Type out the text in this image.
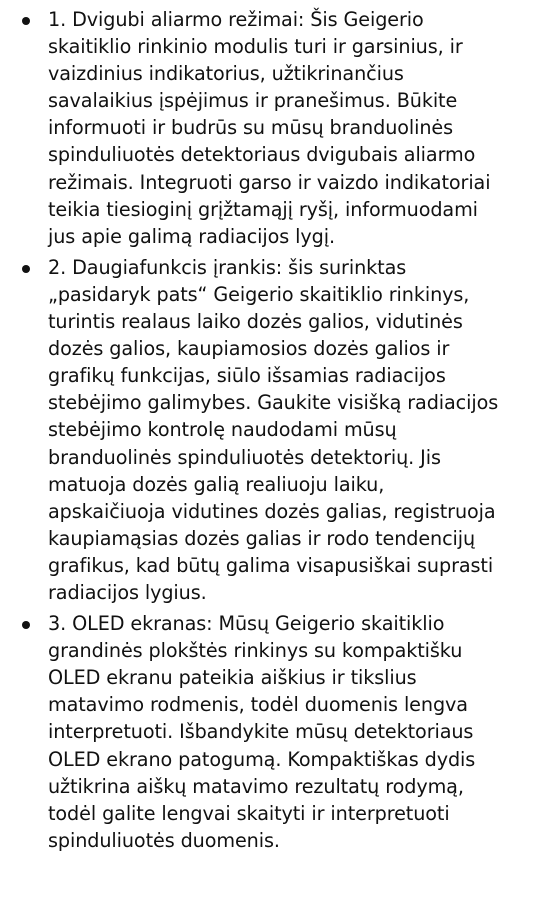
1. Dvigubi aliarmo režimai: Šis Geigerio
skaitiklio rinkinio modulis turi ir garsinius, ir
vaizdinius indikatorius, užtikrinančius
savalaikius įspėjimus ir pranešimus. Būkite
informuoti ir budrūs su mūsų branduolinės
spinduliuotės detektoriaus dvigubais aliarmo
režimais. Integruoti garso ir vaizdo indikatoriai
teikia tiesioginį grįžtamąjį ryšį, informuodami
jus apie galimą radiacijos lygį.
2. Daugiafunkcis įrankis: šis surinktas
„pasidaryk pats“ Geigerio skaitiklio rinkinys,
turintis realaus laiko dozės galios, vidutinės
dozės galios, kaupiamosios dozės galios ir
grafikų funkcijas, siūlo išsamias radiacijos
stebėjimo galimybes. Gaukite visišką radiacijos
stebėjimo kontrolę naudodami mūsų
branduolinės spinduliuotės detektorių. Jis
matuoja dozės galią realiuoju laiku,
apskaičiuoja vidutines dozės galias, registruoja
kaupiamąsias dozės galias ir rodo tendencijų
grafikus, kad būtų galima visapusiškai suprasti
radiacijos lygius.
3. OLED ekranas: Mūsų Geigerio skaitiklio
grandinės plokštės rinkinys su kompaktišku
OLED ekranu pateikia aiškius ir tikslius
matavimo rodmenis, todėl duomenis lengva
interpretuoti. Išbandykite mūsų detektoriaus
OLED ekrano patogumą. Kompaktiškas dydis
užtikrina aiškų matavimo rezultatų rodymą,
todėl galite lengvai skaityti ir interpretuoti
spinduliuotės duomenis.
